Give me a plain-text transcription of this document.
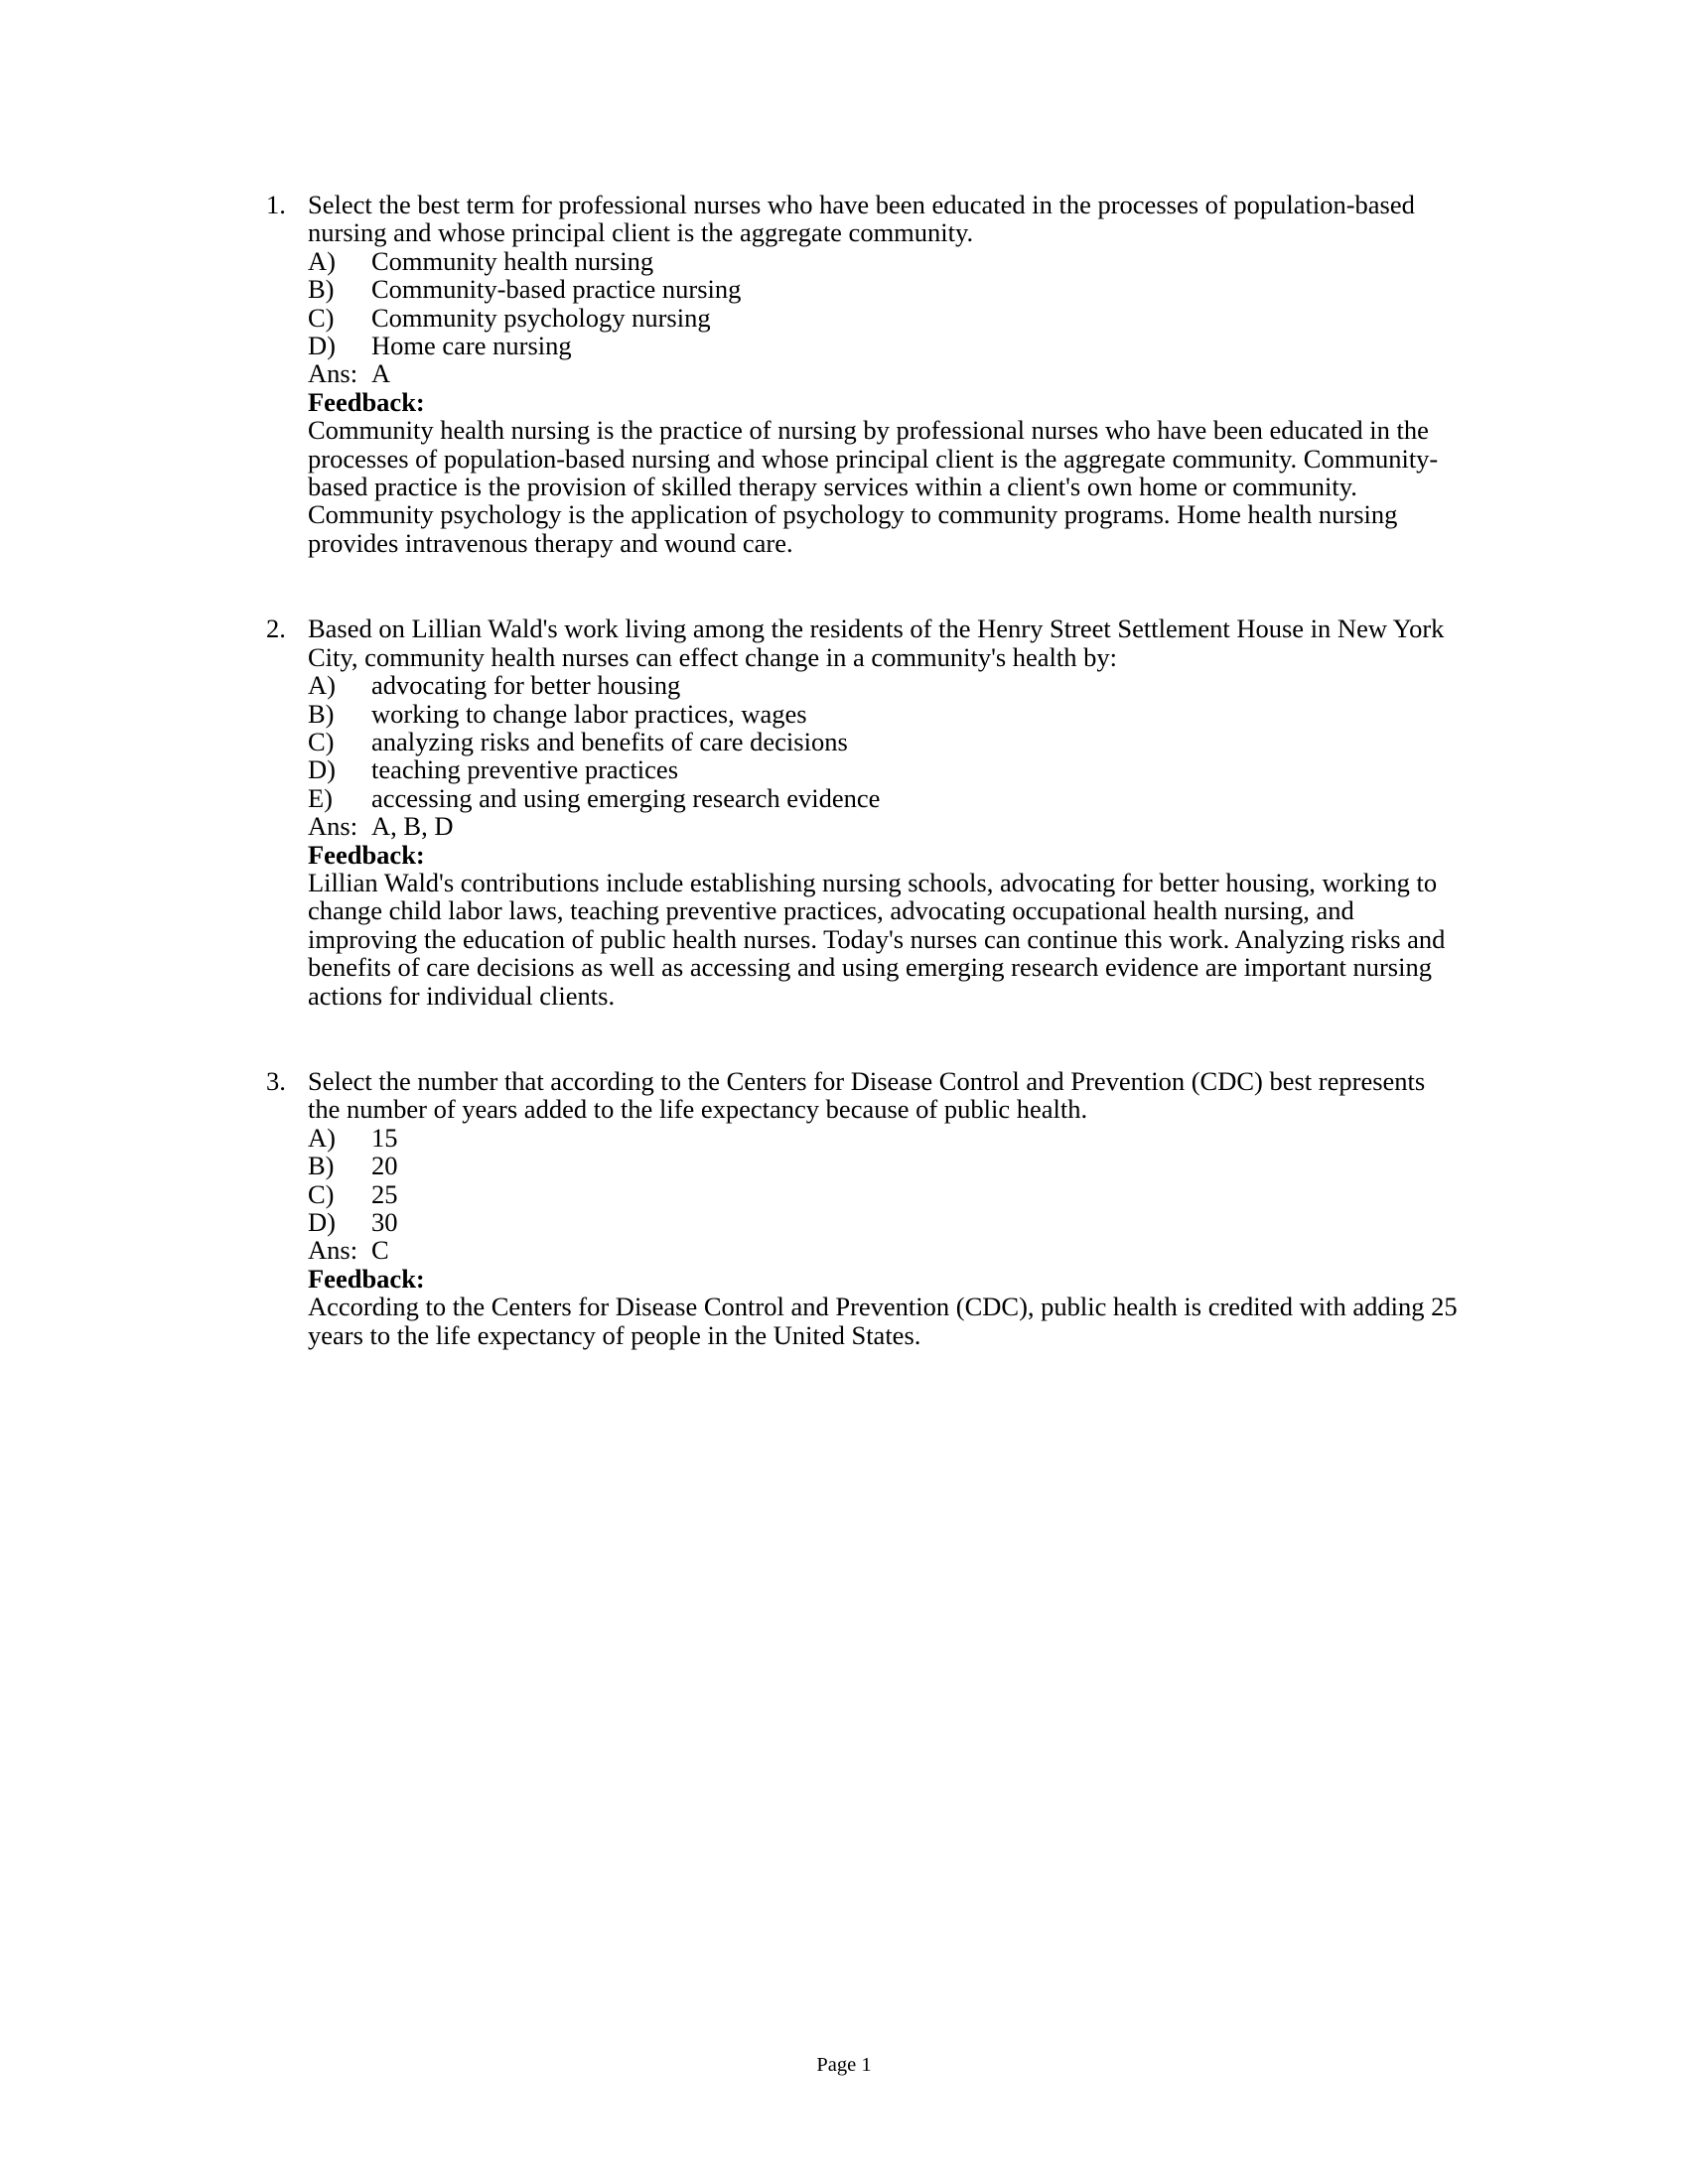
1. Select the best term for professional nurses who have been educated in the processes of population-based nursing and whose principal client is the aggregate community.
A)	Community health nursing
B)	Community-based practice nursing
C)	Community psychology nursing
D)	Home care nursing
Ans: A
Feedback:
Community health nursing is the practice of nursing by professional nurses who have been educated in the processes of population-based nursing and whose principal client is the aggregate community. Community-based practice is the provision of skilled therapy services within a client's own home or community. Community psychology is the application of psychology to community programs. Home health nursing provides intravenous therapy and wound care.
2. Based on Lillian Wald's work living among the residents of the Henry Street Settlement House in New York City, community health nurses can effect change in a community's health by:
A)	advocating for better housing
B)	working to change labor practices, wages
C)	analyzing risks and benefits of care decisions
D)	teaching preventive practices
E)	accessing and using emerging research evidence
Ans: A, B, D
Feedback:
Lillian Wald's contributions include establishing nursing schools, advocating for better housing, working to change child labor laws, teaching preventive practices, advocating occupational health nursing, and improving the education of public health nurses. Today's nurses can continue this work. Analyzing risks and benefits of care decisions as well as accessing and using emerging research evidence are important nursing actions for individual clients.
3. Select the number that according to the Centers for Disease Control and Prevention (CDC) best represents the number of years added to the life expectancy because of public health.
A)	15
B)	20
C)	25
D)	30
Ans: C
Feedback:
According to the Centers for Disease Control and Prevention (CDC), public health is credited with adding 25 years to the life expectancy of people in the United States.
Page 1
